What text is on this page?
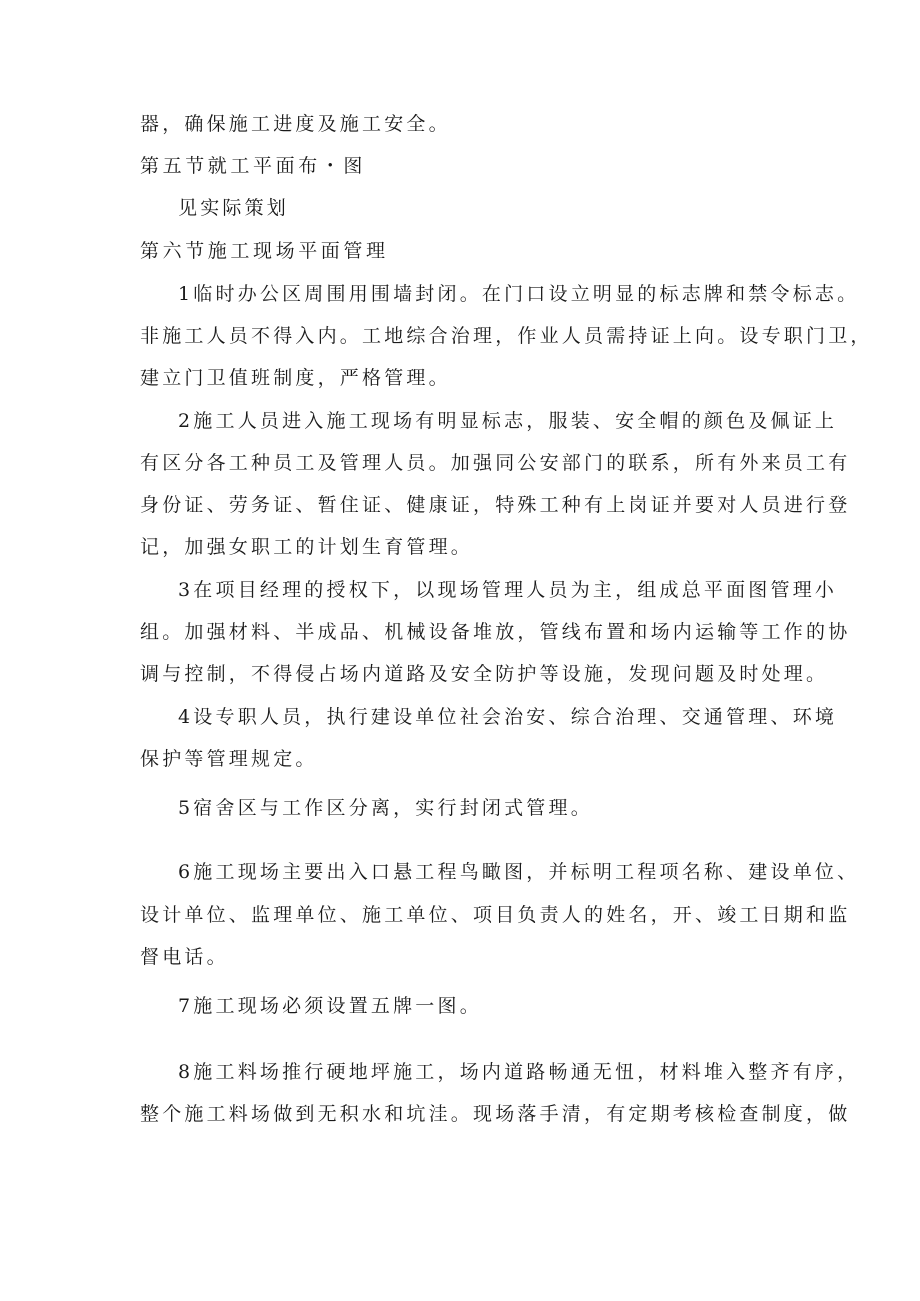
器，确保施工进度及施工安全。
第五节就工平面布・图
见实际策划
第六节施工现场平面管理
1临时办公区周围用围墙封闭。在门口设立明显的标志牌和禁令标志。
非施工人员不得入内。工地综合治理，作业人员需持证上向。设专职门卫，
建立门卫值班制度，严格管理。
2施工人员进入施工现场有明显标志，服装、安全帽的颜色及佩证上
有区分各工种员工及管理人员。加强同公安部门的联系，所有外来员工有
身份证、劳务证、暂住证、健康证，特殊工种有上岗证并要对人员进行登
记，加强女职工的计划生育管理。
3在项目经理的授权下，以现场管理人员为主，组成总平面图管理小
组。加强材料、半成品、机械设备堆放，管线布置和场内运输等工作的协
调与控制，不得侵占场内道路及安全防护等设施，发现问题及时处理。
4设专职人员，执行建设单位社会治安、综合治理、交通管理、环境
保护等管理规定。
5宿舍区与工作区分离，实行封闭式管理。
6施工现场主要出入口悬工程鸟瞰图，并标明工程项名称、建设单位、
设计单位、监理单位、施工单位、项目负责人的姓名，开、竣工日期和监
督电话。
7施工现场必须设置五牌一图。
8施工料场推行硬地坪施工，场内道路畅通无忸，材料堆入整齐有序，
整个施工料场做到无积水和坑洼。现场落手清，有定期考核检查制度，做
